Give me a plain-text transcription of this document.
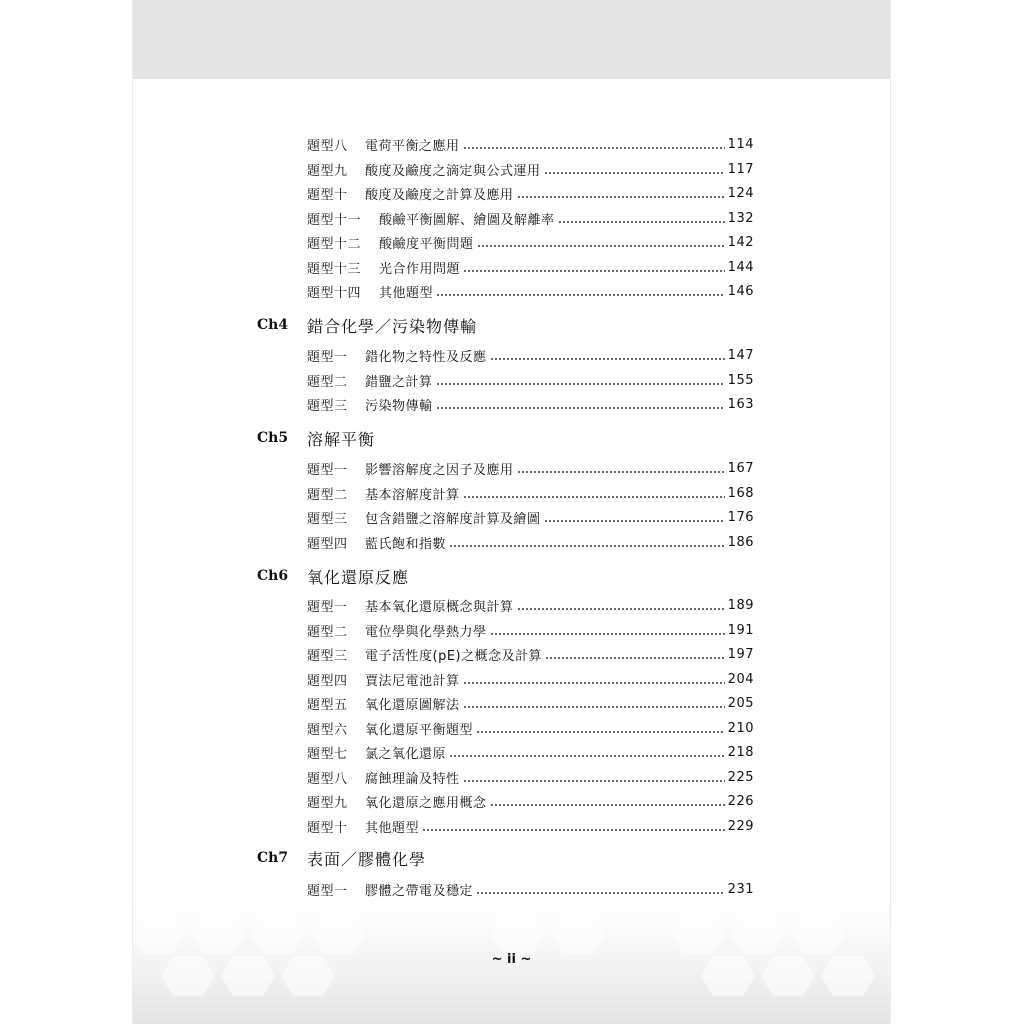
題型八	電荷平衡之應用	114
題型九	酸度及鹼度之滴定與公式運用	117
題型十	酸度及鹼度之計算及應用	124
題型十一	酸鹼平衡圖解、繪圖及解離率	132
題型十二	酸鹼度平衡問題	142
題型十三	光合作用問題	144
題型十四	其他題型	146
Ch4	錯合化學／污染物傳輸
題型一	錯化物之特性及反應	147
題型二	錯鹽之計算	155
題型三	污染物傳輸	163
Ch5	溶解平衡
題型一	影響溶解度之因子及應用	167
題型二	基本溶解度計算	168
題型三	包含錯鹽之溶解度計算及繪圖	176
題型四	藍氏飽和指數	186
Ch6	氧化還原反應
題型一	基本氧化還原概念與計算	189
題型二	電位學與化學熱力學	191
題型三	電子活性度(pE)之概念及計算	197
題型四	賈法尼電池計算	204
題型五	氧化還原圖解法	205
題型六	氧化還原平衡題型	210
題型七	氯之氧化還原	218
題型八	腐蝕理論及特性	225
題型九	氧化還原之應用概念	226
題型十	其他題型	229
Ch7	表面／膠體化學
題型一	膠體之帶電及穩定	231
~ ii ~
